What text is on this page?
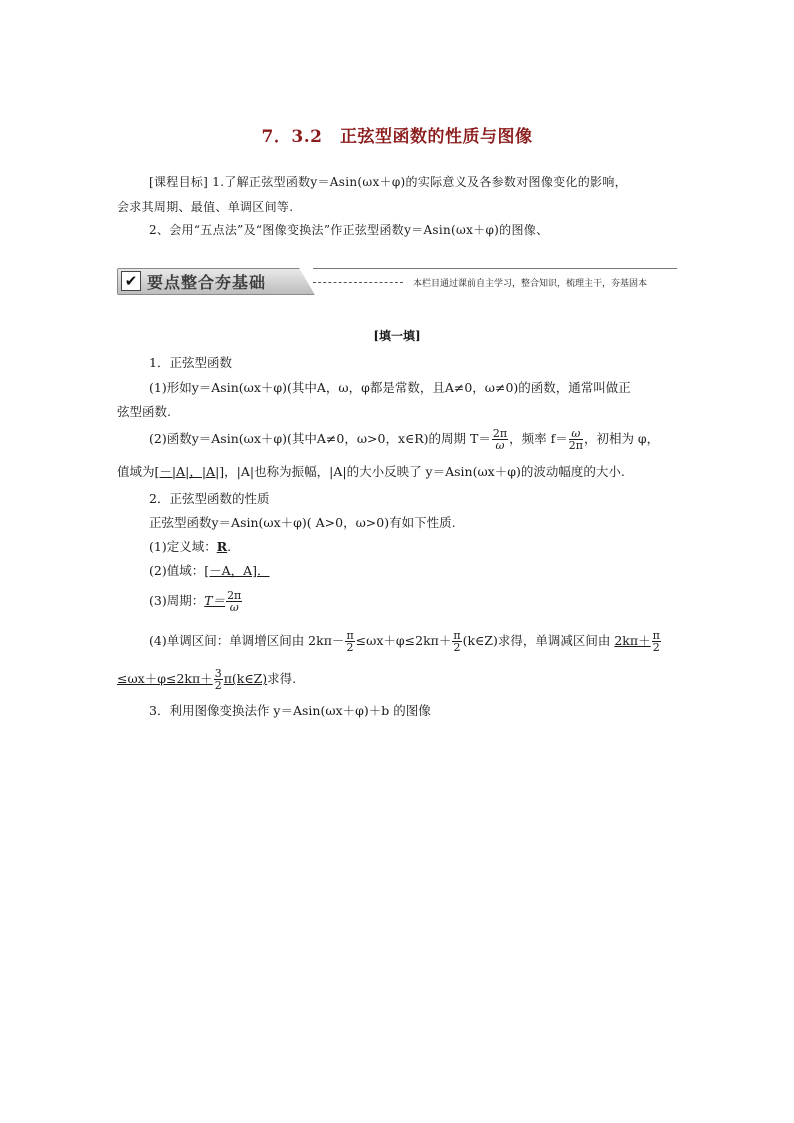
7．3.2　正弦型函数的性质与图像
[课程目标] 1.了解正弦型函数y＝Asin(ωx＋φ)的实际意义及各参数对图像变化的影响，
会求其周期、最值、单调区间等.
2、会用“五点法”及“图像变换法”作正弦型函数y＝Asin(ωx＋φ)的图像、
✔ 要点整合夯基础	本栏目通过课前自主学习，整合知识，梳理主干，夯基固本
[填一填]
1．正弦型函数
(1)形如y＝Asin(ωx＋φ)(其中A，ω，φ都是常数，且A≠0，ω≠0)的函数，通常叫做正
弦型函数.
(2)函数y＝Asin(ωx＋φ)(其中A≠0，ω>0，x∈R)的周期 $T= \frac{2\pi}{\omega}$ ，频率 $f= \frac{\omega}{2\pi}$ ，初相为 φ，
值域为[－|A|，|A|]，|A|也称为振幅，|A|的大小反映了 y＝Asin(ωx＋φ)的波动幅度的大小.
2．正弦型函数的性质
正弦型函数y＝Asin(ωx＋φ)( A>0，ω>0)有如下性质.
(1)定义域：R.
(2)值域：[－A，A]．
(3)周期：$T= \frac{2\pi}{\omega}$
(4)单调区间：单调增区间由 $2k\pi- \frac{\pi}{2} \le\omega x+\varphi\le 2k\pi+ \frac{\pi}{2}$ (k∈Z)求得，单调减区间由 $2k\pi+ \frac{\pi}{2}$
$\le\omega x+\varphi\le 2k\pi+ \frac{3}{2}$ π(k∈Z)求得.
3．利用图像变换法作 y＝Asin(ωx＋φ)＋b 的图像
